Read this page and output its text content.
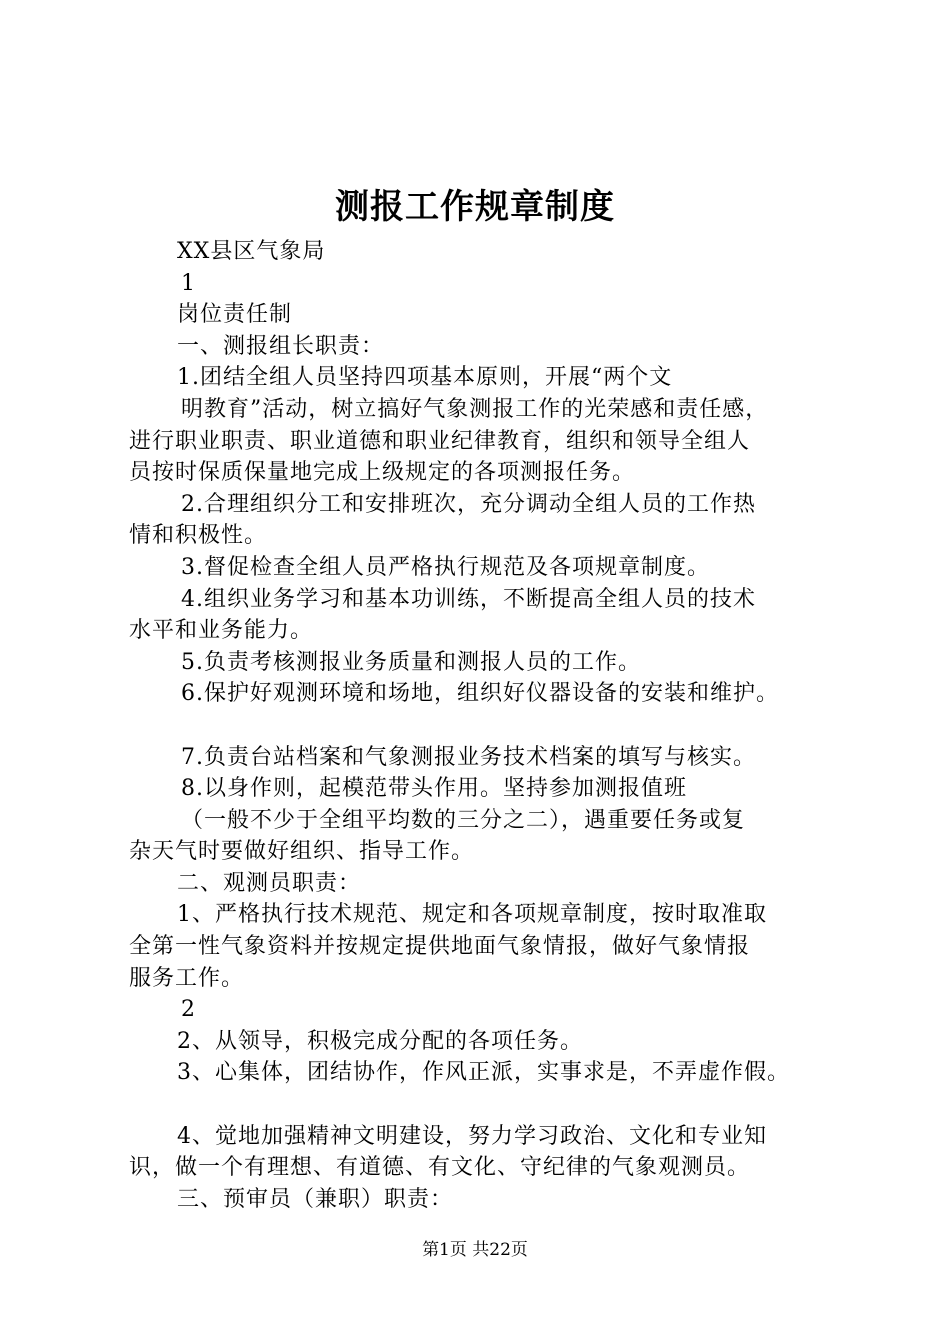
测报工作规章制度
XX县区气象局
1
岗位责任制
一、测报组长职责：
1.团结全组人员坚持四项基本原则，开展“两个文
明教育”活动，树立搞好气象测报工作的光荣感和责任感，
进行职业职责、职业道德和职业纪律教育，组织和领导全组人
员按时保质保量地完成上级规定的各项测报任务。
2.合理组织分工和安排班次，充分调动全组人员的工作热
情和积极性。
3.督促检查全组人员严格执行规范及各项规章制度。
4.组织业务学习和基本功训练，不断提高全组人员的技术
水平和业务能力。
5.负责考核测报业务质量和测报人员的工作。
6.保护好观测环境和场地，组织好仪器设备的安装和维护。
7.负责台站档案和气象测报业务技术档案的填写与核实。
8.以身作则，起模范带头作用。坚持参加测报值班
（一般不少于全组平均数的三分之二），遇重要任务或复
杂天气时要做好组织、指导工作。
二、观测员职责：
1、严格执行技术规范、规定和各项规章制度，按时取准取
全第一性气象资料并按规定提供地面气象情报，做好气象情报
服务工作。
2
2、从领导，积极完成分配的各项任务。
3、心集体，团结协作，作风正派，实事求是，不弄虚作假。
4、觉地加强精神文明建设，努力学习政治、文化和专业知
识，做一个有理想、有道德、有文化、守纪律的气象观测员。
三、预审员（兼职）职责：
第1页 共22页
